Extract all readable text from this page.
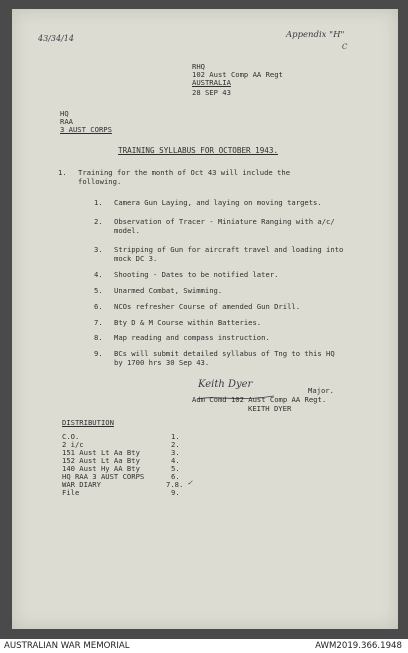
43/34/14	Appendix "H"
C
RHQ
102 Aust Comp AA Regt
AUSTRALIA
28 SEP 43
HQ
RAA
3 AUST CORPS
TRAINING SYLLABUS FOR OCTOBER 1943.
1. Training for the month of Oct 43 will include the
following.
1. Camera Gun Laying, and laying on moving targets.
2. Observation of Tracer - Miniature Ranging with a/c/
model.
3. Stripping of Gun for aircraft travel and loading into
mock DC 3.
4. Shooting - Dates to be notified later.
5. Unarmed Combat, Swimming.
6. NCOs refresher Course of amended Gun Drill.
7. Bty D & M Course within Batteries.
8. Map reading and compass instruction.
9. BCs will submit detailed syllabus of Tng to this HQ
by 1700 hrs 30 Sep 43.
Keith Dyer
Major.
Adm Comd 102 Aust Comp AA Regt.
KEITH DYER
DISTRIBUTION
C.O.	1.
2 i/c	2.
151 Aust Lt Aa Bty	3.
152 Aust Lt Aa Bty	4.
140 Aust Hy AA Bty	5.
HQ RAA 3 AUST CORPS	6.
WAR DIARY	7.8. ✓
File	9.
AUSTRALIAN WAR MEMORIAL	AWM2019.366.1948
